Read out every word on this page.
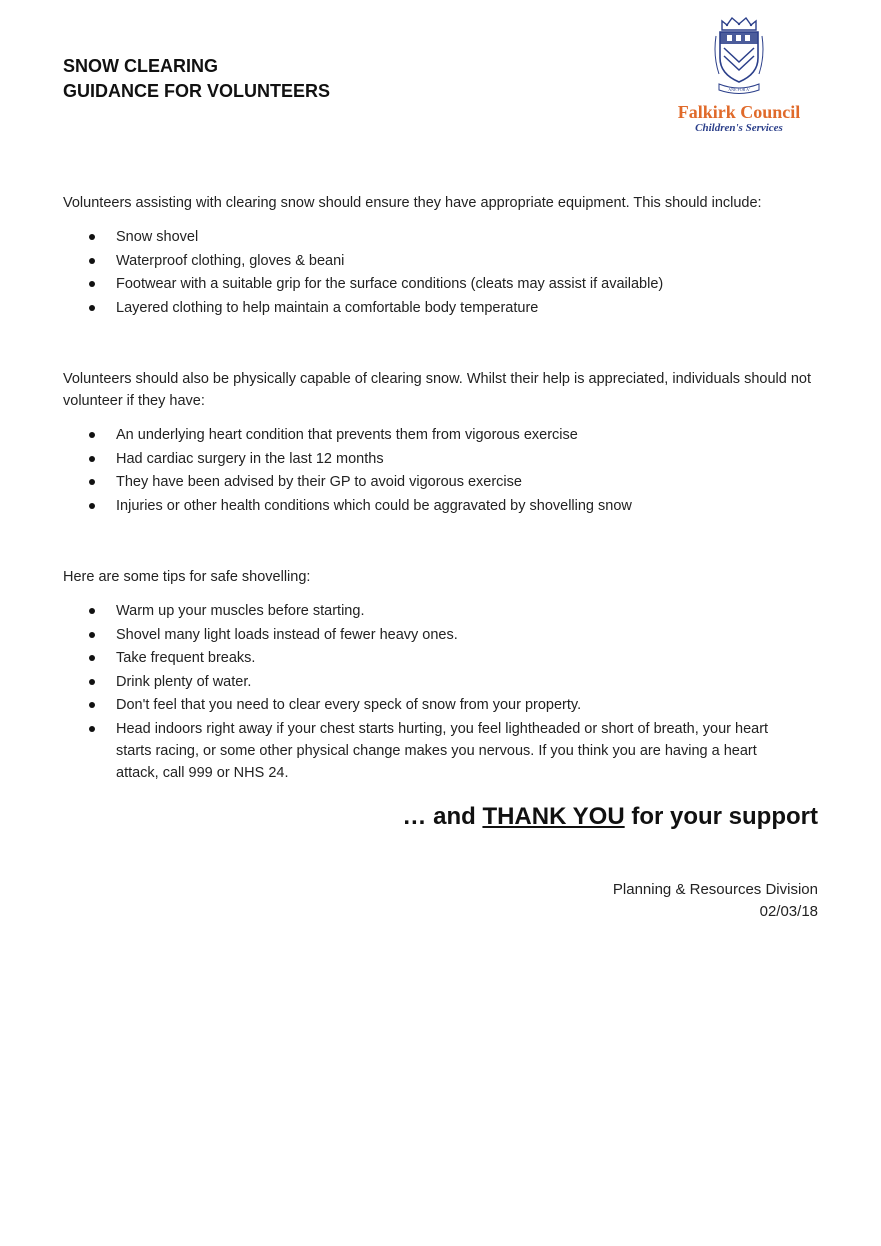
SNOW CLEARING
GUIDANCE FOR VOLUNTEERS	ANE FOR A'
Falkirk Council
Children's Services
Volunteers assisting with clearing snow should ensure they have appropriate equipment. This should include:
Snow shovel
Waterproof clothing, gloves & beani
Footwear with a suitable grip for the surface conditions (cleats may assist if available)
Layered clothing to help maintain a comfortable body temperature
Volunteers should also be physically capable of clearing snow. Whilst their help is appreciated, individuals should not volunteer if they have:
An underlying heart condition that prevents them from vigorous exercise
Had cardiac surgery in the last 12 months
They have been advised by their GP to avoid vigorous exercise
Injuries or other health conditions which could be aggravated by shovelling snow
Here are some tips for safe shovelling:
Warm up your muscles before starting.
Shovel many light loads instead of fewer heavy ones.
Take frequent breaks.
Drink plenty of water.
Don't feel that you need to clear every speck of snow from your property.
Head indoors right away if your chest starts hurting, you feel lightheaded or short of breath, your heart starts racing, or some other physical change makes you nervous. If you think you are having a heart attack, call 999 or NHS 24.
… and THANK YOU for your support
Planning & Resources Division
02/03/18
